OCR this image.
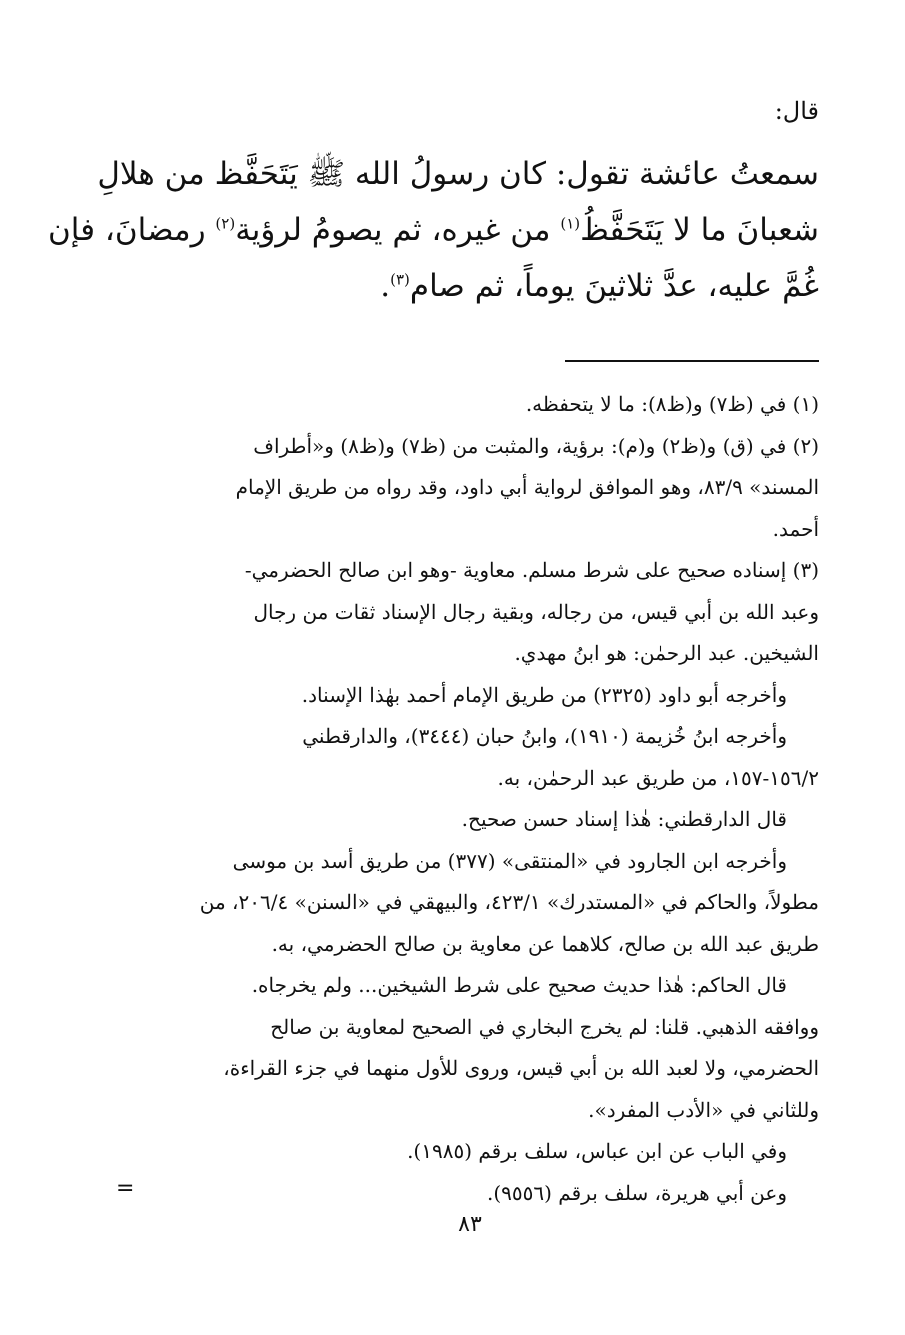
قال:
سمعتُ عائشة تقول: كان رسولُ الله ﷺ يَتَحَفَّظ من هلالِ
شعبانَ ما لا يَتَحَفَّظُ$^{(١)}$ من غيره، ثم يصومُ لرؤية$^{(٢)}$ رمضانَ، فإن
غُمَّ عليه، عدَّ ثلاثينَ يوماً، ثم صام$^{(٣)}$.
(١) في (ظ٧) و(ظ٨): ما لا يتحفظه.
(٢) في (ق) و(ظ٢) و(م): برؤية، والمثبت من (ظ٧) و(ظ٨) و«أطراف
المسند» ٨٣/٩، وهو الموافق لرواية أبي داود، وقد رواه من طريق الإمام
أحمد.
(٣) إسناده صحيح على شرط مسلم. معاوية -وهو ابن صالح الحضرمي-
وعبد الله بن أبي قيس، من رجاله، وبقية رجال الإسناد ثقات من رجال
الشيخين. عبد الرحمٰن: هو ابنُ مهدي.
وأخرجه أبو داود (٢٣٢٥) من طريق الإمام أحمد بهٰذا الإسناد.
وأخرجه ابنُ خُزيمة (١٩١٠)، وابنُ حبان (٣٤٤٤)، والدارقطني
١٥٦/٢-١٥٧، من طريق عبد الرحمٰن، به.
قال الدارقطني: هٰذا إسناد حسن صحيح.
وأخرجه ابن الجارود في «المنتقى» (٣٧٧) من طريق أسد بن موسى
مطولاً، والحاكم في «المستدرك» ٤٢٣/١، والبيهقي في «السنن» ٢٠٦/٤، من
طريق عبد الله بن صالح، كلاهما عن معاوية بن صالح الحضرمي، به.
قال الحاكم: هٰذا حديث صحيح على شرط الشيخين... ولم يخرجاه.
ووافقه الذهبي. قلنا: لم يخرج البخاري في الصحيح لمعاوية بن صالح
الحضرمي، ولا لعبد الله بن أبي قيس، وروى للأول منهما في جزء القراءة،
وللثاني في «الأدب المفرد».
وفي الباب عن ابن عباس، سلف برقم (١٩٨٥).
وعن أبي هريرة، سلف برقم (٩٥٥٦).
=
٨٣
